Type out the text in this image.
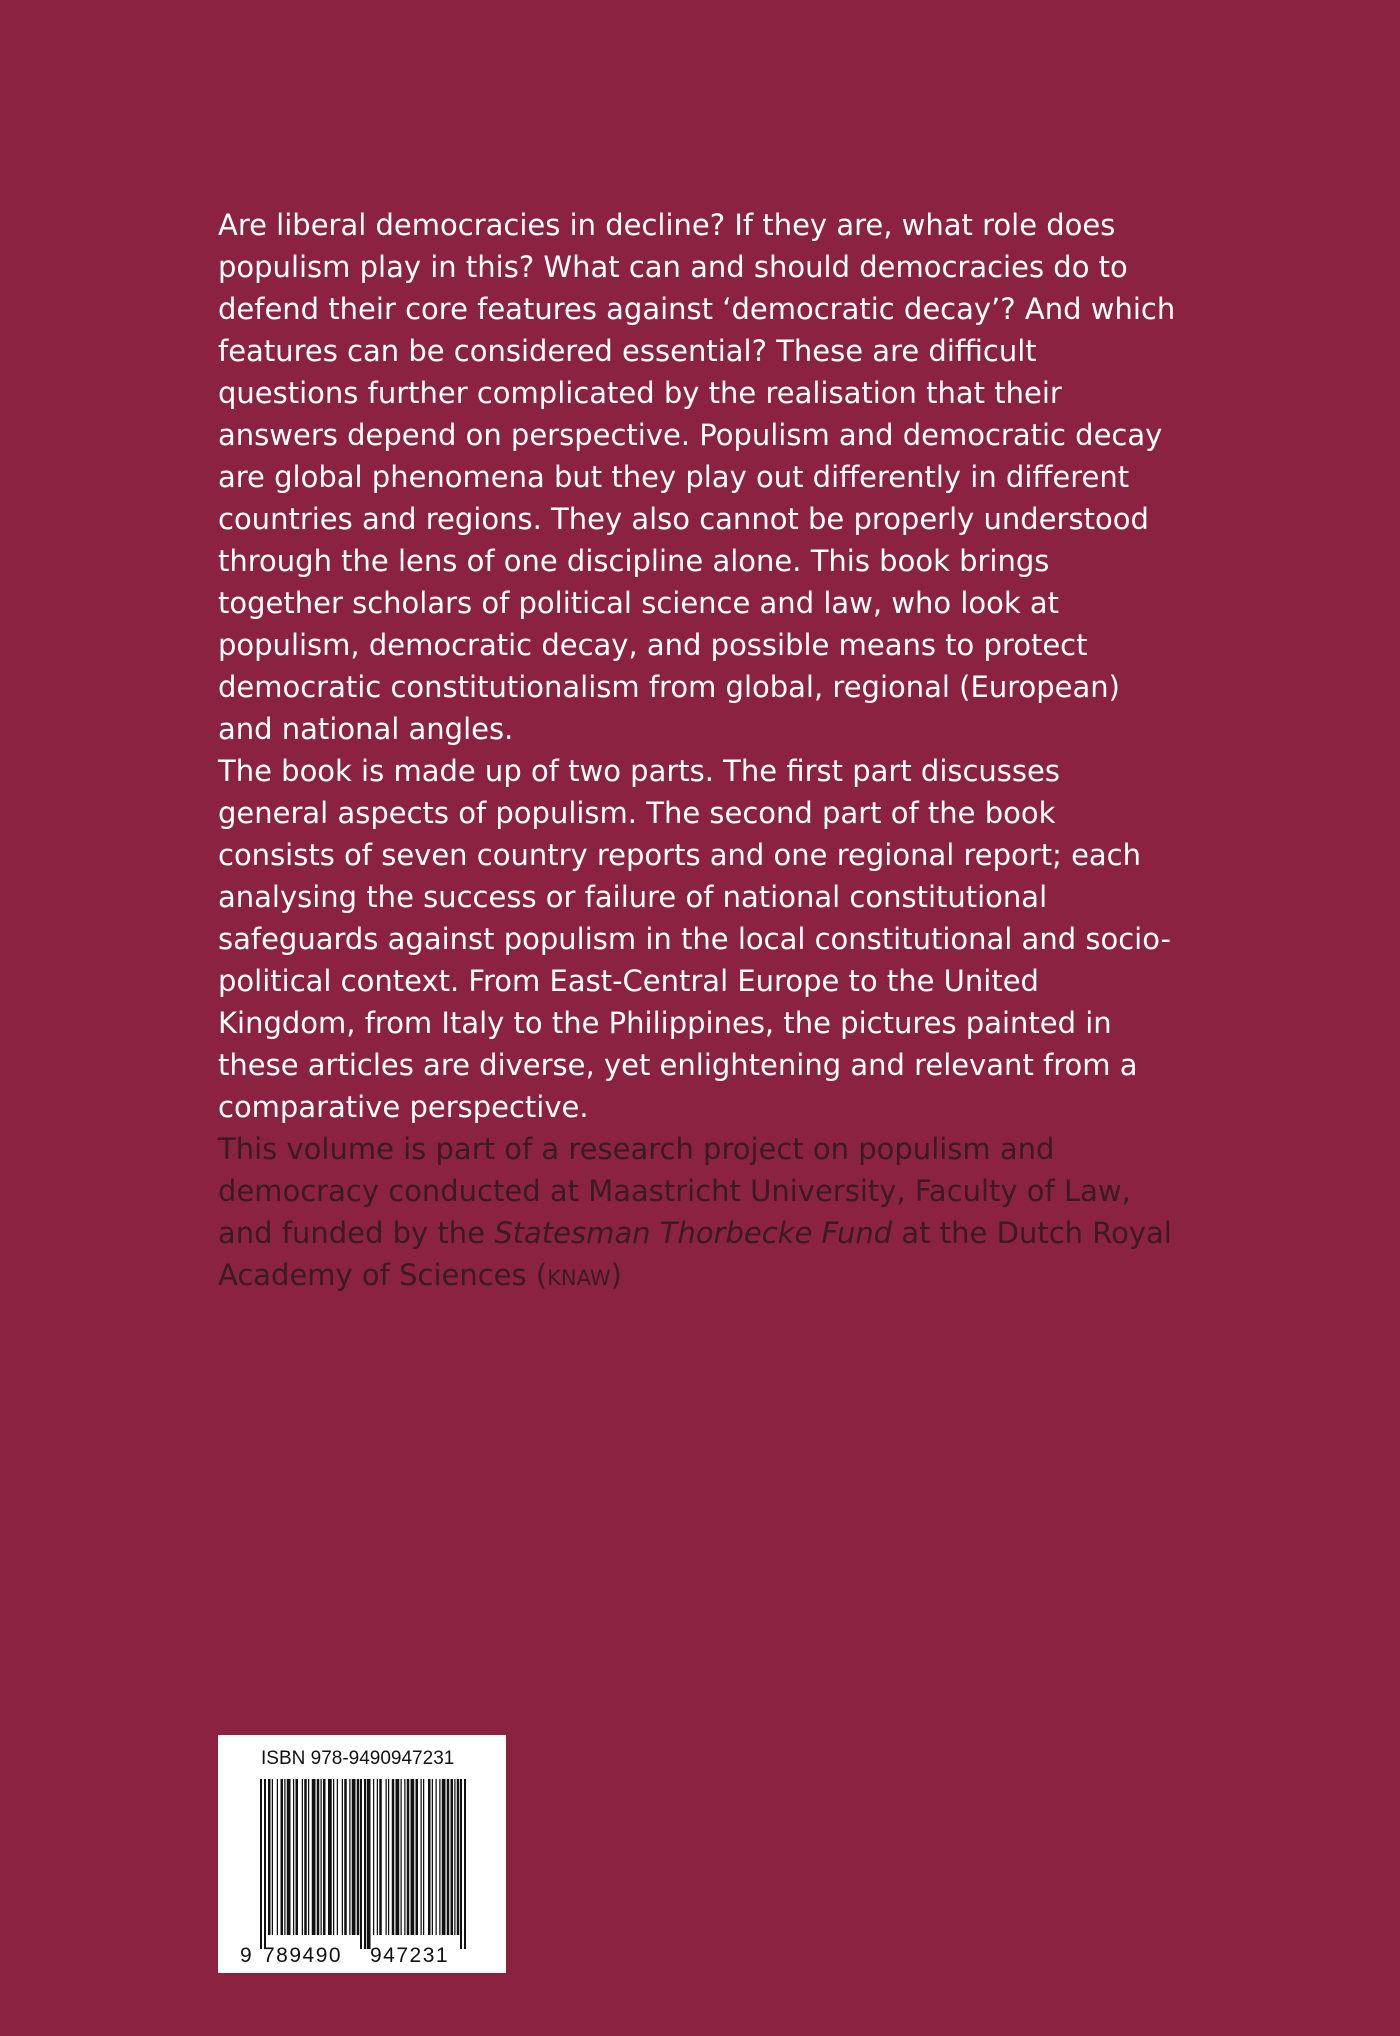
Are liberal democracies in decline? If they are, what role does populism play in this? What can and should democracies do to defend their core features against ‘democratic decay’? And which features can be considered essential? These are difficult questions further complicated by the realisation that their answers depend on perspective. Populism and democratic decay are global phenomena but they play out differently in different countries and regions. They also cannot be properly understood through the lens of one discipline alone. This book brings together scholars of political science and law, who look at populism, democratic decay, and possible means to protect democratic constitutionalism from global, regional (European) and national angles.

The book is made up of two parts. The first part discusses general aspects of populism. The second part of the book consists of seven country reports and one regional report; each analysing the success or failure of national constitutional safeguards against populism in the local constitutional and socio-political context. From East-Central Europe to the United Kingdom, from Italy to the Philippines, the pictures painted in these articles are diverse, yet enlightening and relevant from a comparative perspective.

This volume is part of a research project on populism and democracy conducted at Maastricht University, Faculty of Law, and funded by the Statesman Thorbecke Fund at the Dutch Royal Academy of Sciences (KNAW)

ISBN 978-9490947231
9 789490 947231
